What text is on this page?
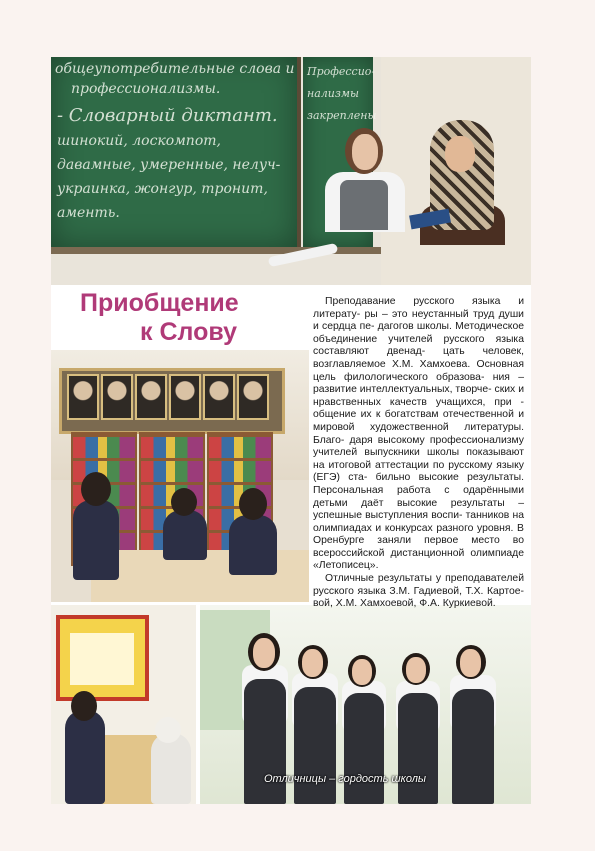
общеупотребительные слова и
профессионализмы.
- Словарный диктант.
шинокий, лоскомпот,
давамные, умеренные, нелуч-
украинка, жонгур, тронит,
аменть.
Профессио-
нализмы
закреплены
Приобщение
к Слову
Отличницы – гордость школы

Преподавание русского языка и литерату- ры – это неустанный труд души и сердца пе- дагогов школы. Методическое объединение учителей русского языка составляют двенад- цать человек, возглавляемое Х.М. Хамхоева. Основная цель филологического образова- ния – развитие интеллектуальных, творче- ских и нравственных качеств учащихся, при - общение их к богатствам отечественной и мировой художественной литературы. Благо- даря высокому профессионализму учителей выпускники школы показывают на итоговой аттестации по русскому языку (ЕГЭ) ста- бильно высокие результаты. Персональная работа с одарёнными детьми даёт высокие результаты – успешные выступления воспи- танников на олимпиадах и конкурсах разного уровня. В Оренбурге заняли первое место во всероссийской дистанционной олимпиаде «Летописец».

Отличные результаты у преподавателей русского языка З.М. Гадиевой, Т.Х. Картое- вой, Х.М. Хамхоевой, Ф.А. Куркиевой.
